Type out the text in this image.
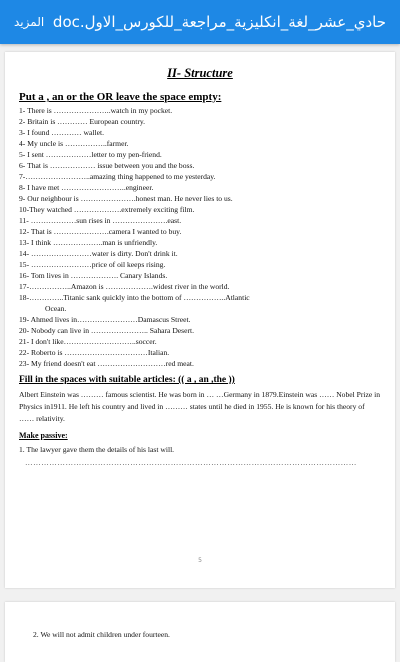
المزيد حادي_عشر_لغة_انكليزية_مراجعة_للكورس_الاول.doc
II- Structure
Put a , an or the OR leave the space empty:
1- There is …………………..watch in my pocket.
2- Britain is ………… European country.
3- I found ………… wallet.
4- My uncle is ……………..farmer.
5- I sent ………………letter to my pen-friend.
6- That is ……………… issue between you and the boss.
7-……………………..amazing thing happened to me yesterday.
8- I have met ……………………..engineer.
9- Our neighbour is ………………….honest man. He never lies to us.
10-They watched ……………….extremely exciting film.
11- ………………sun rises in ………………….east.
12- That is ………………….camera I wanted to buy.
13- I think ………………..man is unfriendly.
14- ……………………water is dirty. Don't drink it.
15- ……………………price of oil keeps rising.
16- Tom lives in ………………. Canary Islands.
17-……………..Amazon is ……………….widest river in the world.
18-…………..Titanic sank quickly into the bottom of ……………..Atlantic
Ocean.
19- Ahmed lives in……………………Damascus Street.
20- Nobody can live in ………………….. Sahara Desert.
21- I don't like………………………..soccer.
22- Roberto is ……………………………Italian.
23- My friend doesn't eat ………………………red meat.
Fill in the spaces with suitable articles: (( a , an ,the ))
Albert Einstein was ……… famous scientist. He was born in … …Germany in 1879.Einstein was …… Nobel Prize in Physics in1911. He left his country and lived in ……… states until he died in 1955. He is known for his theory of …… relativity.
Make passive:
1. The lawyer gave them the details of his last will.
……………………………………………………………………………………………………………
5
2. We will not admit children under fourteen.
